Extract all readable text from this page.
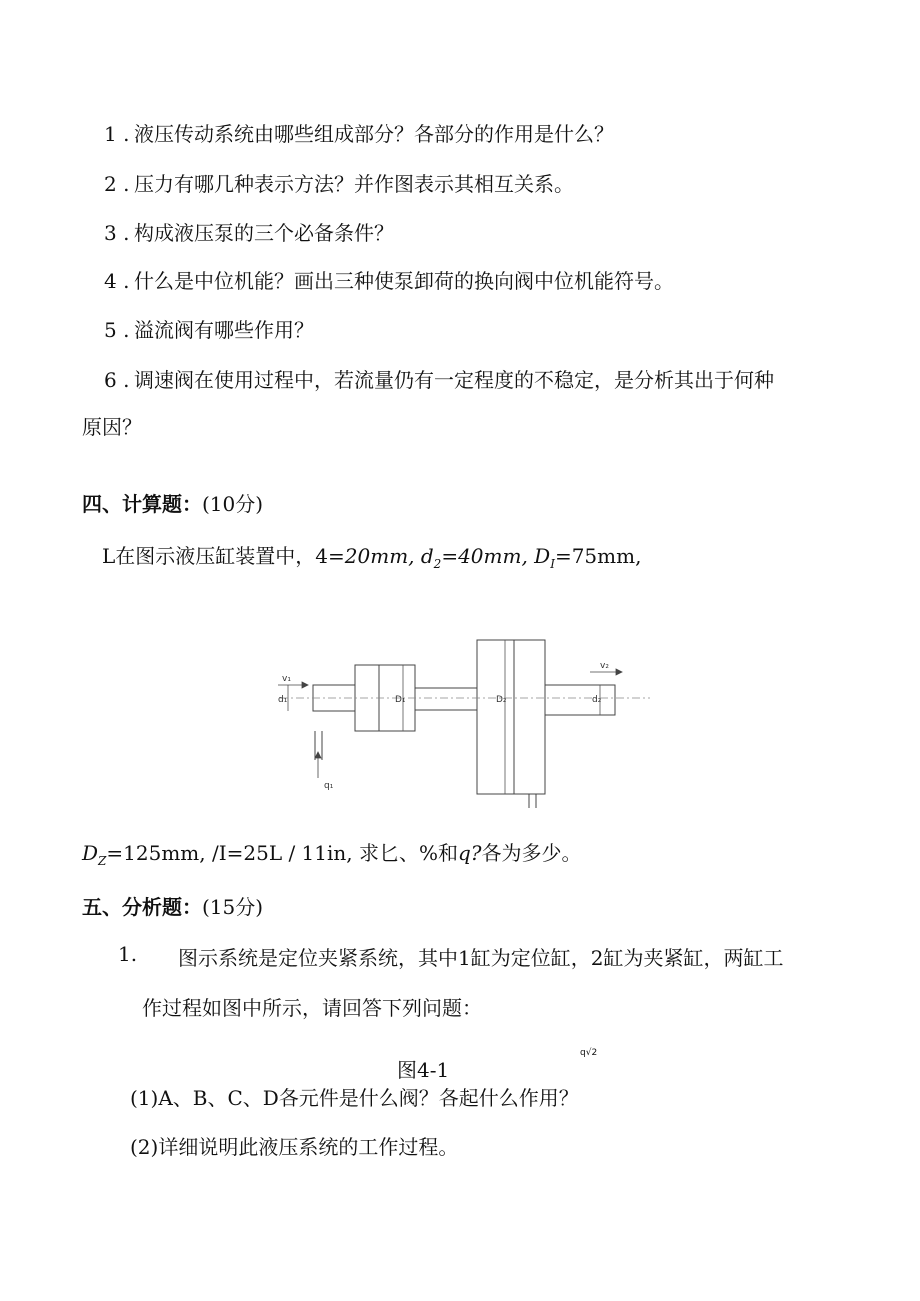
1 . 液压传动系统由哪些组成部分？各部分的作用是什么？
2 . 压力有哪几种表示方法？并作图表示其相互关系。
3 . 构成液压泵的三个必备条件？
4 . 什么是中位机能？画出三种使泵卸荷的换向阀中位机能符号。
5 . 溢流阀有哪些作用？
6 . 调速阀在使用过程中，若流量仍有一定程度的不稳定，是分析其出于何种
原因？
四、计算题：(10分)
L在图示液压缸装置中，4=20mm, $d_2=40mm$, $D_I=75mm$,
v₁
v₂
d₁	D₁	D₂	d₂
q₁
$D_Z=125mm$, /I=25L / 11in, 求匕、%和q?各为多少。
五、分析题：(15分)
1. 图示系统是定位夹紧系统，其中1缸为定位缸，2缸为夹紧缸，两缸工
作过程如图中所示，请回答下列问题：
图4-1
q√2
(1)A、B、C、D各元件是什么阀？各起什么作用？
(2)详细说明此液压系统的工作过程。
